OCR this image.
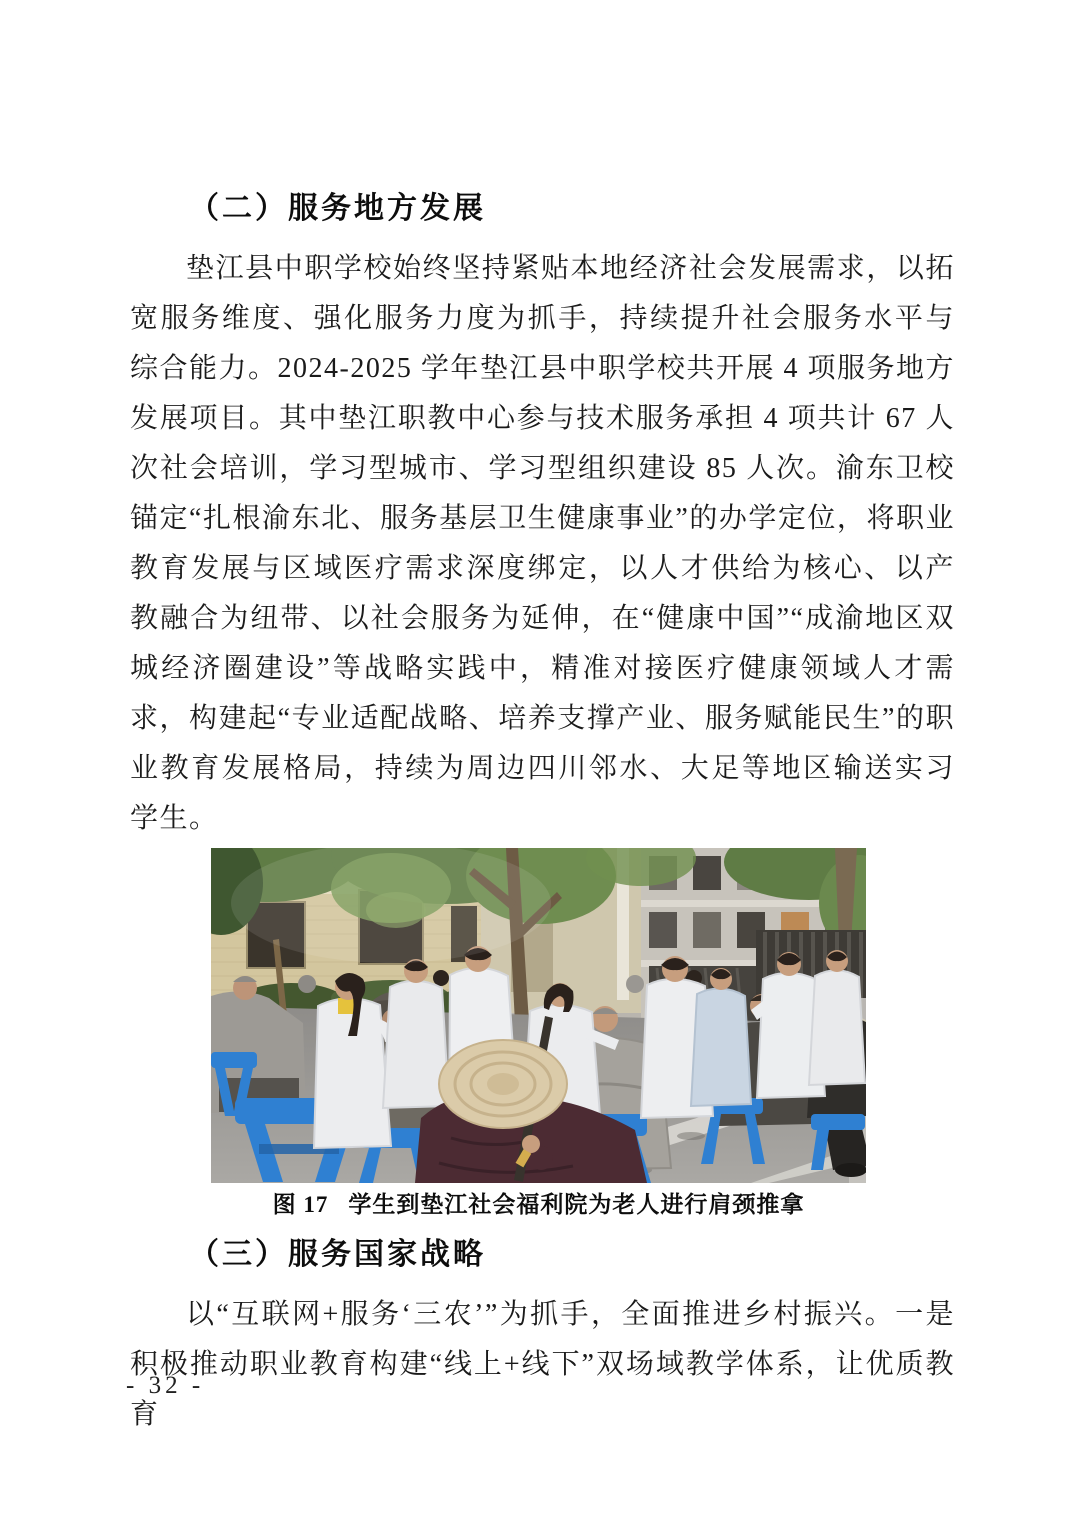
（二）服务地方发展

垫江县中职学校始终坚持紧贴本地经济社会发展需求，以拓宽服务维度、强化服务力度为抓手，持续提升社会服务水平与综合能力。2024-2025 学年垫江县中职学校共开展 4 项服务地方发展项目。其中垫江职教中心参与技术服务承担 4 项共计 67 人次社会培训，学习型城市、学习型组织建设 85 人次。渝东卫校锚定“扎根渝东北、服务基层卫生健康事业”的办学定位，将职业教育发展与区域医疗需求深度绑定，以人才供给为核心、以产教融合为纽带、以社会服务为延伸，在“健康中国”“成渝地区双城经济圈建设”等战略实践中，精准对接医疗健康领域人才需求，构建起“专业适配战略、培养支撑产业、服务赋能民生”的职业教育发展格局，持续为周边四川邻水、大足等地区输送实习学生。

图 17 学生到垫江社会福利院为老人进行肩颈推拿
（三）服务国家战略

以“互联网+服务‘三农’”为抓手，全面推进乡村振兴。一是积极推动职业教育构建“线上+线下”双场域教学体系，让优质教育

- 32 -
